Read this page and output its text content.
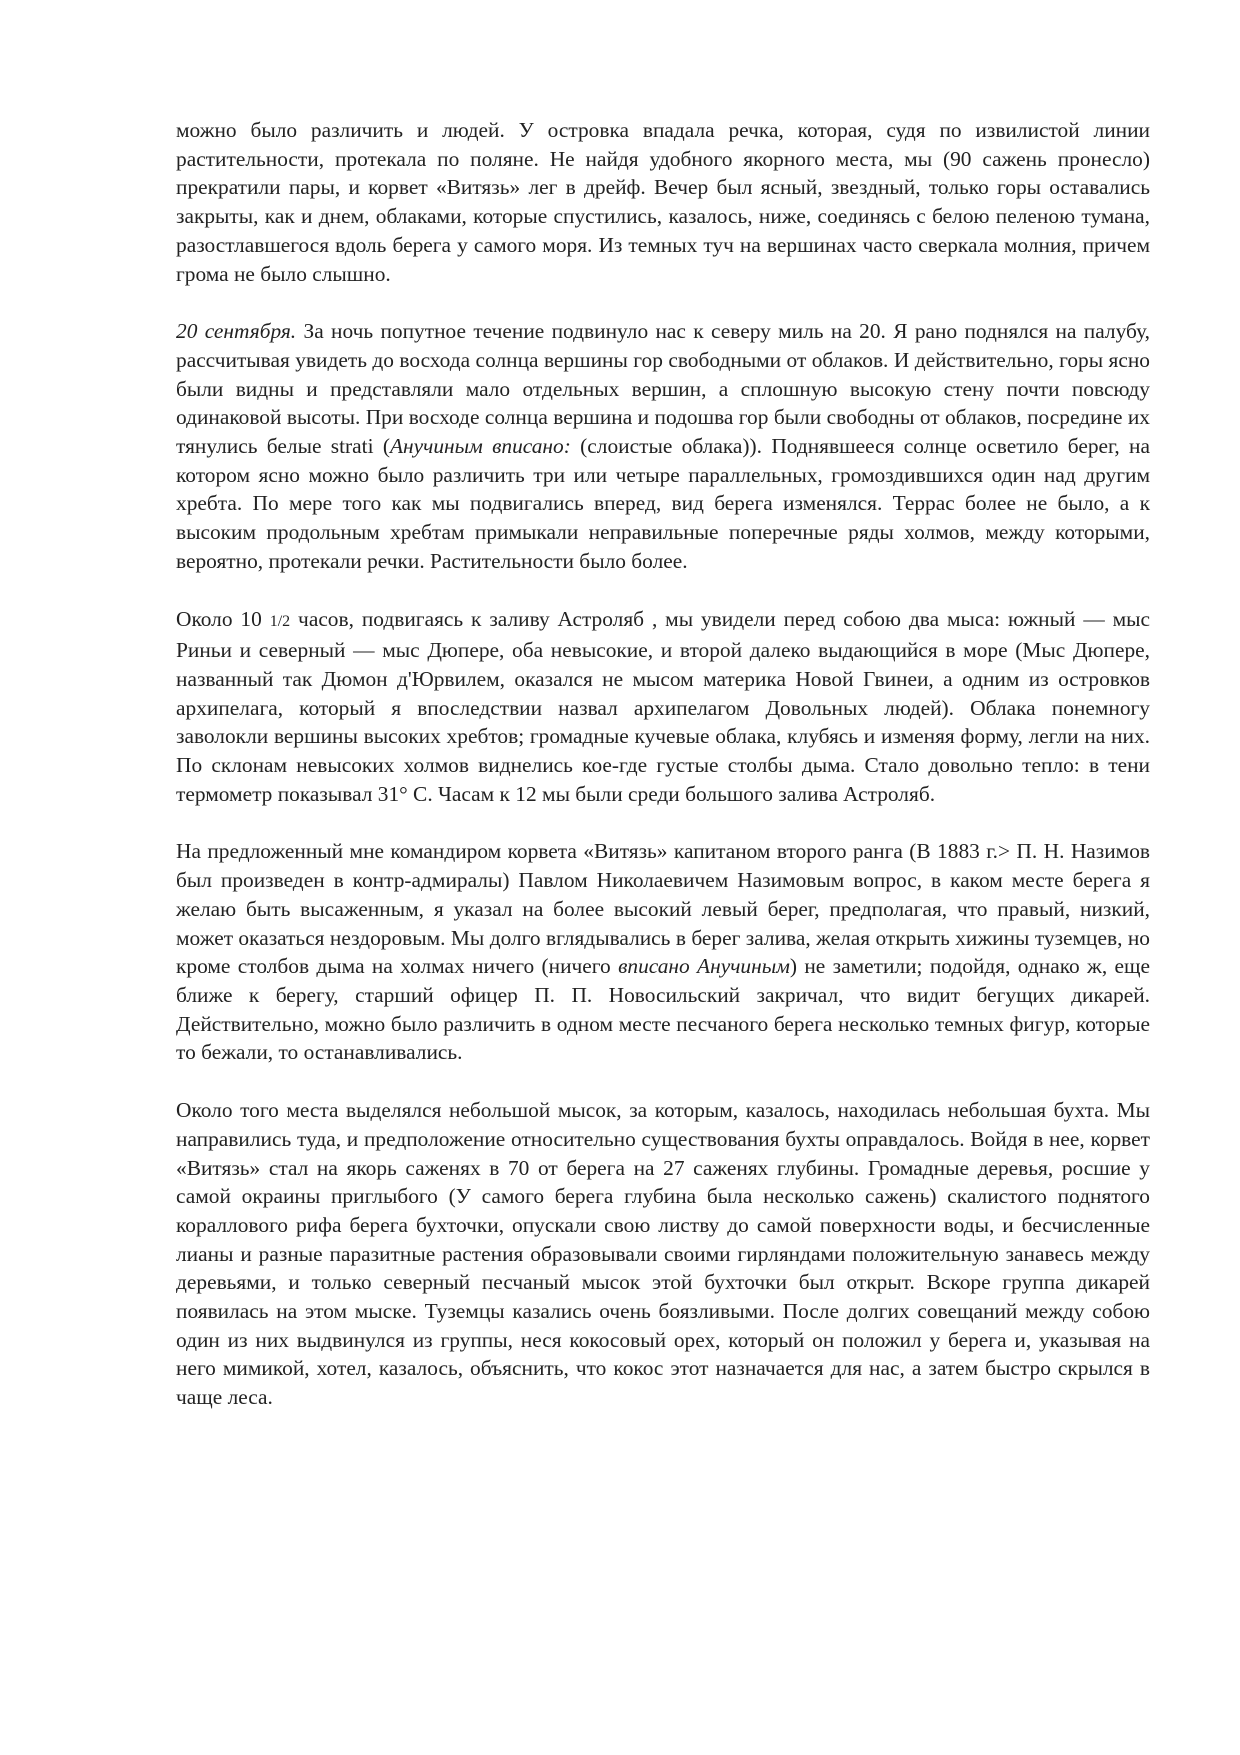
можно было различить и людей. У островка впадала речка, которая, судя по извилистой линии растительности, протекала по поляне. Не найдя удобного якорного места, мы (90 сажень пронесло) прекратили пары, и корвет «Витязь» лег в дрейф. Вечер был ясный, звездный, только горы оставались закрыты, как и днем, облаками, которые спустились, казалось, ниже, соединясь с белою пеленою тумана, разостлавшегося вдоль берега у самого моря. Из темных туч на вершинах часто сверкала молния, причем грома не было слышно.

20 сентября. За ночь попутное течение подвинуло нас к северу миль на 20. Я рано поднялся на палубу, рассчитывая увидеть до восхода солнца вершины гор свободными от облаков. И действительно, горы ясно были видны и представляли мало отдельных вершин, а сплошную высокую стену почти повсюду одинаковой высоты. При восходе солнца вершина и подошва гор были свободны от облаков, посредине их тянулись белые strati (Анучиным вписано: (слоистые облака)). Поднявшееся солнце осветило берег, на котором ясно можно было различить три или четыре параллельных, громоздившихся один над другим хребта. По мере того как мы подвигались вперед, вид берега изменялся. Террас более не было, а к высоким продольным хребтам примыкали неправильные поперечные ряды холмов, между которыми, вероятно, протекали речки. Растительности было более.

Около 10 1/2 часов, подвигаясь к заливу Астроляб , мы увидели перед собою два мыса: южный — мыс Риньи и северный — мыс Дюпере, оба невысокие, и второй далеко выдающийся в море (Мыс Дюпере, названный так Дюмон д'Юрвилем, оказался не мысом материка Новой Гвинеи, а одним из островков архипелага, который я впоследствии назвал архипелагом Довольных людей). Облака понемногу заволокли вершины высоких хребтов; громадные кучевые облака, клубясь и изменяя форму, легли на них. По склонам невысоких холмов виднелись кое-где густые столбы дыма. Стало довольно тепло: в тени термометр показывал 31° С. Часам к 12 мы были среди большого залива Астроляб.

На предложенный мне командиром корвета «Витязь» капитаном второго ранга (В 1883 г.> П. Н. Назимов был произведен в контр-адмиралы) Павлом Николаевичем Назимовым вопрос, в каком месте берега я желаю быть высаженным, я указал на более высокий левый берег, предполагая, что правый, низкий, может оказаться нездоровым. Мы долго вглядывались в берег залива, желая открыть хижины туземцев, но кроме столбов дыма на холмах ничего (ничего вписано Анучиным) не заметили; подойдя, однако ж, еще ближе к берегу, старший офицер П. П. Новосильский закричал, что видит бегущих дикарей. Действительно, можно было различить в одном месте песчаного берега несколько темных фигур, которые то бежали, то останавливались.

Около того места выделялся небольшой мысок, за которым, казалось, находилась небольшая бухта. Мы направились туда, и предположение относительно существования бухты оправдалось. Войдя в нее, корвет «Витязь» стал на якорь саженях в 70 от берега на 27 саженях глубины. Громадные деревья, росшие у самой окраины приглыбого (У самого берега глубина была несколько сажень) скалистого поднятого кораллового рифа берега бухточки, опускали свою листву до самой поверхности воды, и бесчисленные лианы и разные паразитные растения образовывали своими гирляндами положительную занавесь между деревьями, и только северный песчаный мысок этой бухточки был открыт. Вскоре группа дикарей появилась на этом мыске. Туземцы казались очень боязливыми. После долгих совещаний между собою один из них выдвинулся из группы, неся кокосовый орех, который он положил у берега и, указывая на него мимикой, хотел, казалось, объяснить, что кокос этот назначается для нас, а затем быстро скрылся в чаще леса.
